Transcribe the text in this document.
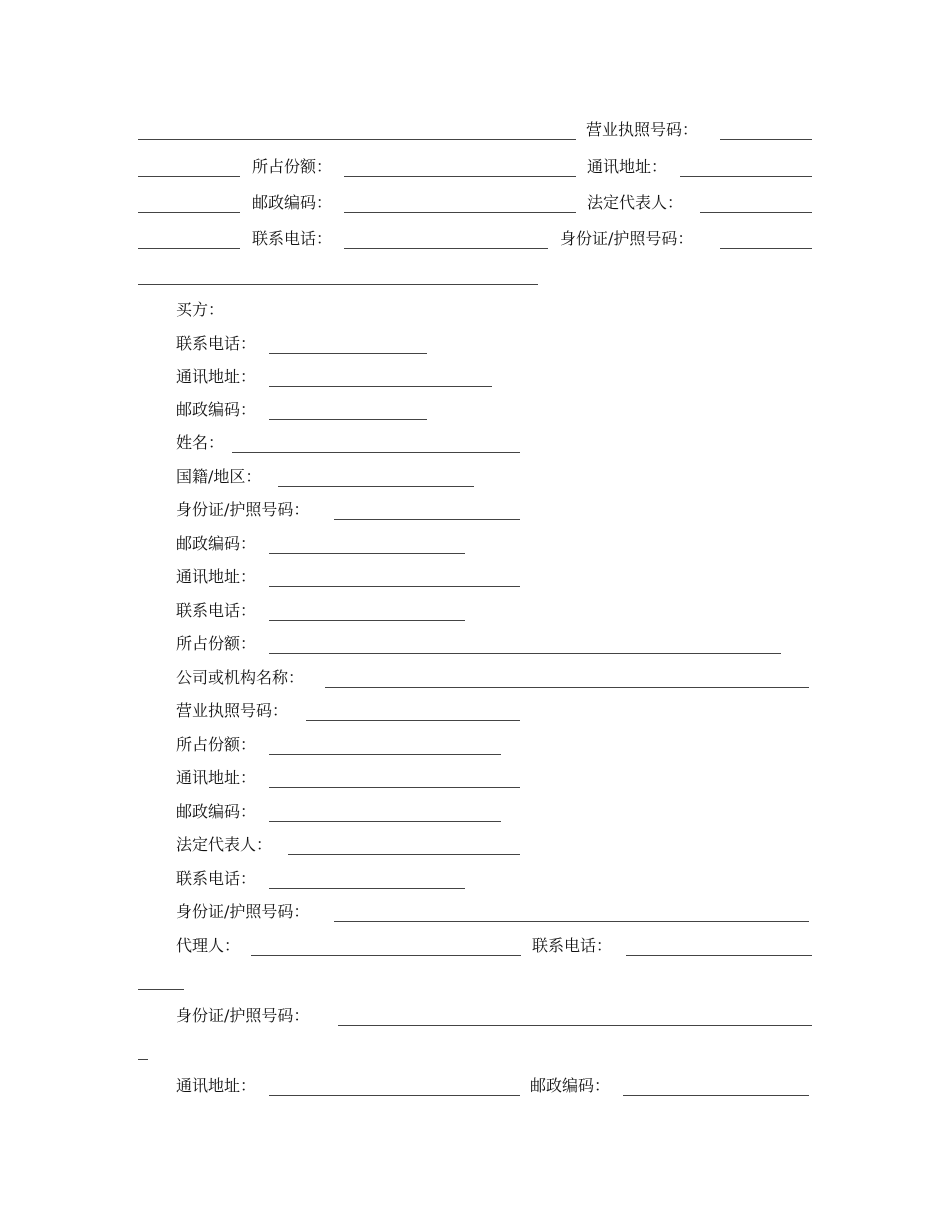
营业执照号码：
所占份额：	通讯地址：
邮政编码：	法定代表人：
联系电话：	身份证/护照号码：
买方：
联系电话：
通讯地址：
邮政编码：
姓名：
国籍/地区：
身份证/护照号码：
邮政编码：
通讯地址：
联系电话：
所占份额：
公司或机构名称：
营业执照号码：
所占份额：
通讯地址：
邮政编码：
法定代表人：
联系电话：
身份证/护照号码：
代理人：	联系电话：
身份证/护照号码：
通讯地址：	邮政编码：
